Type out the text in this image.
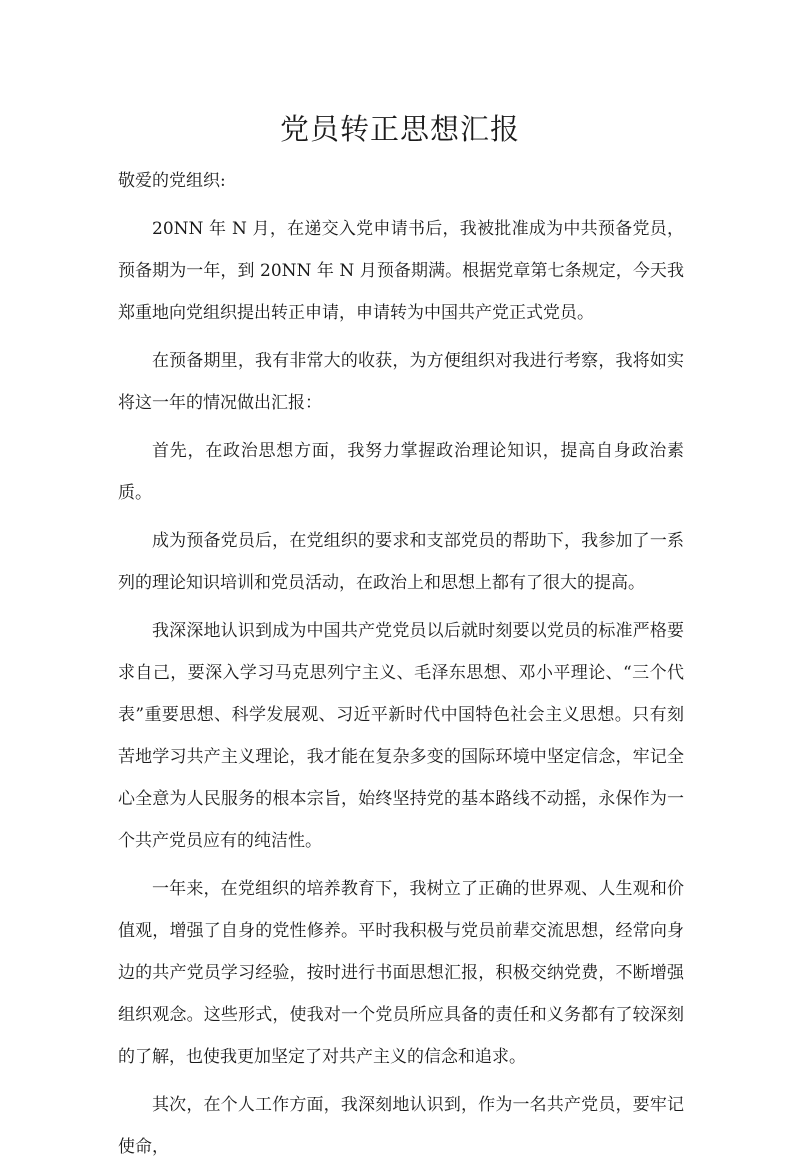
党员转正思想汇报

敬爱的党组织:

20NN 年 N 月，在递交入党申请书后，我被批准成为中共预备党员，预备期为一年，到 20NN 年 N 月预备期满。根据党章第七条规定，今天我郑重地向党组织提出转正申请，申请转为中国共产党正式党员。

在预备期里，我有非常大的收获，为方便组织对我进行考察，我将如实将这一年的情况做出汇报：

首先，在政治思想方面，我努力掌握政治理论知识，提高自身政治素质。

成为预备党员后，在党组织的要求和支部党员的帮助下，我参加了一系列的理论知识培训和党员活动，在政治上和思想上都有了很大的提高。

我深深地认识到成为中国共产党党员以后就时刻要以党员的标准严格要求自己，要深入学习马克思列宁主义、毛泽东思想、邓小平理论、“三个代表”重要思想、科学发展观、习近平新时代中国特色社会主义思想。只有刻苦地学习共产主义理论，我才能在复杂多变的国际环境中坚定信念，牢记全心全意为人民服务的根本宗旨，始终坚持党的基本路线不动摇，永保作为一个共产党员应有的纯洁性。

一年来，在党组织的培养教育下，我树立了正确的世界观、人生观和价值观，增强了自身的党性修养。平时我积极与党员前辈交流思想，经常向身边的共产党员学习经验，按时进行书面思想汇报，积极交纳党费，不断增强组织观念。这些形式，使我对一个党员所应具备的责任和义务都有了较深刻的了解，也使我更加坚定了对共产主义的信念和追求。

其次，在个人工作方面，我深刻地认识到，作为一名共产党员，要牢记使命，
